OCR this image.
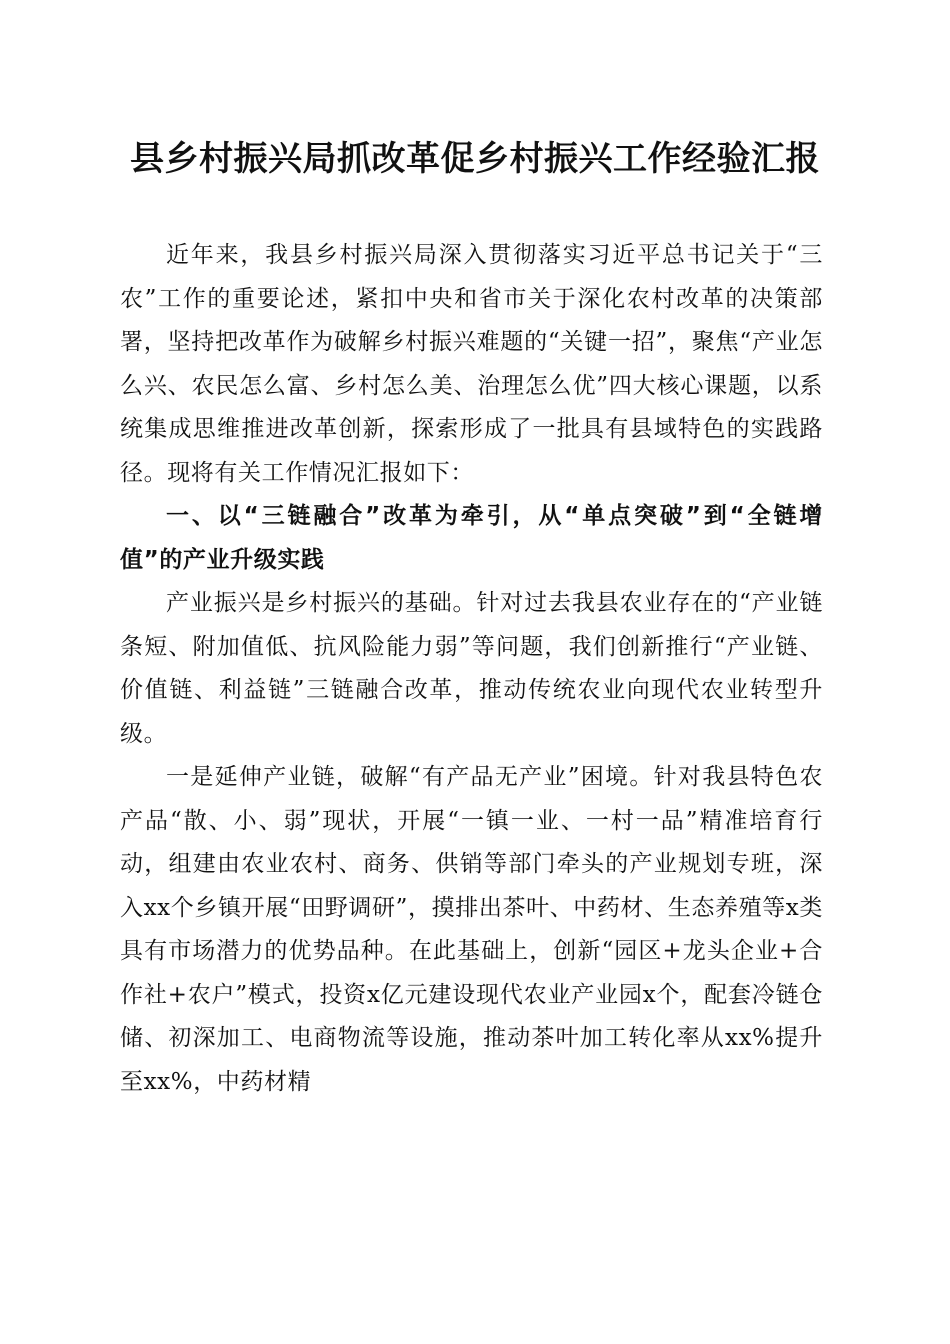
县乡村振兴局抓改革促乡村振兴工作经验汇报

近年来，我县乡村振兴局深入贯彻落实习近平总书记关于“三农”工作的重要论述，紧扣中央和省市关于深化农村改革的决策部署，坚持把改革作为破解乡村振兴难题的“关键一招”，聚焦“产业怎么兴、农民怎么富、乡村怎么美、治理怎么优”四大核心课题，以系统集成思维推进改革创新，探索形成了一批具有县域特色的实践路径。现将有关工作情况汇报如下：

一、以“三链融合”改革为牵引，从“单点突破”到“全链增值”的产业升级实践

产业振兴是乡村振兴的基础。针对过去我县农业存在的“产业链条短、附加值低、抗风险能力弱”等问题，我们创新推行“产业链、价值链、利益链”三链融合改革，推动传统农业向现代农业转型升级。

一是延伸产业链，破解“有产品无产业”困境。针对我县特色农产品“散、小、弱”现状，开展“一镇一业、一村一品”精准培育行动，组建由农业农村、商务、供销等部门牵头的产业规划专班，深入xx个乡镇开展“田野调研”，摸排出茶叶、中药材、生态养殖等x类具有市场潜力的优势品种。在此基础上，创新“园区+龙头企业+合作社+农户”模式，投资x亿元建设现代农业产业园x个，配套冷链仓储、初深加工、电商物流等设施，推动茶叶加工转化率从xx%提升至xx%，中药材精
